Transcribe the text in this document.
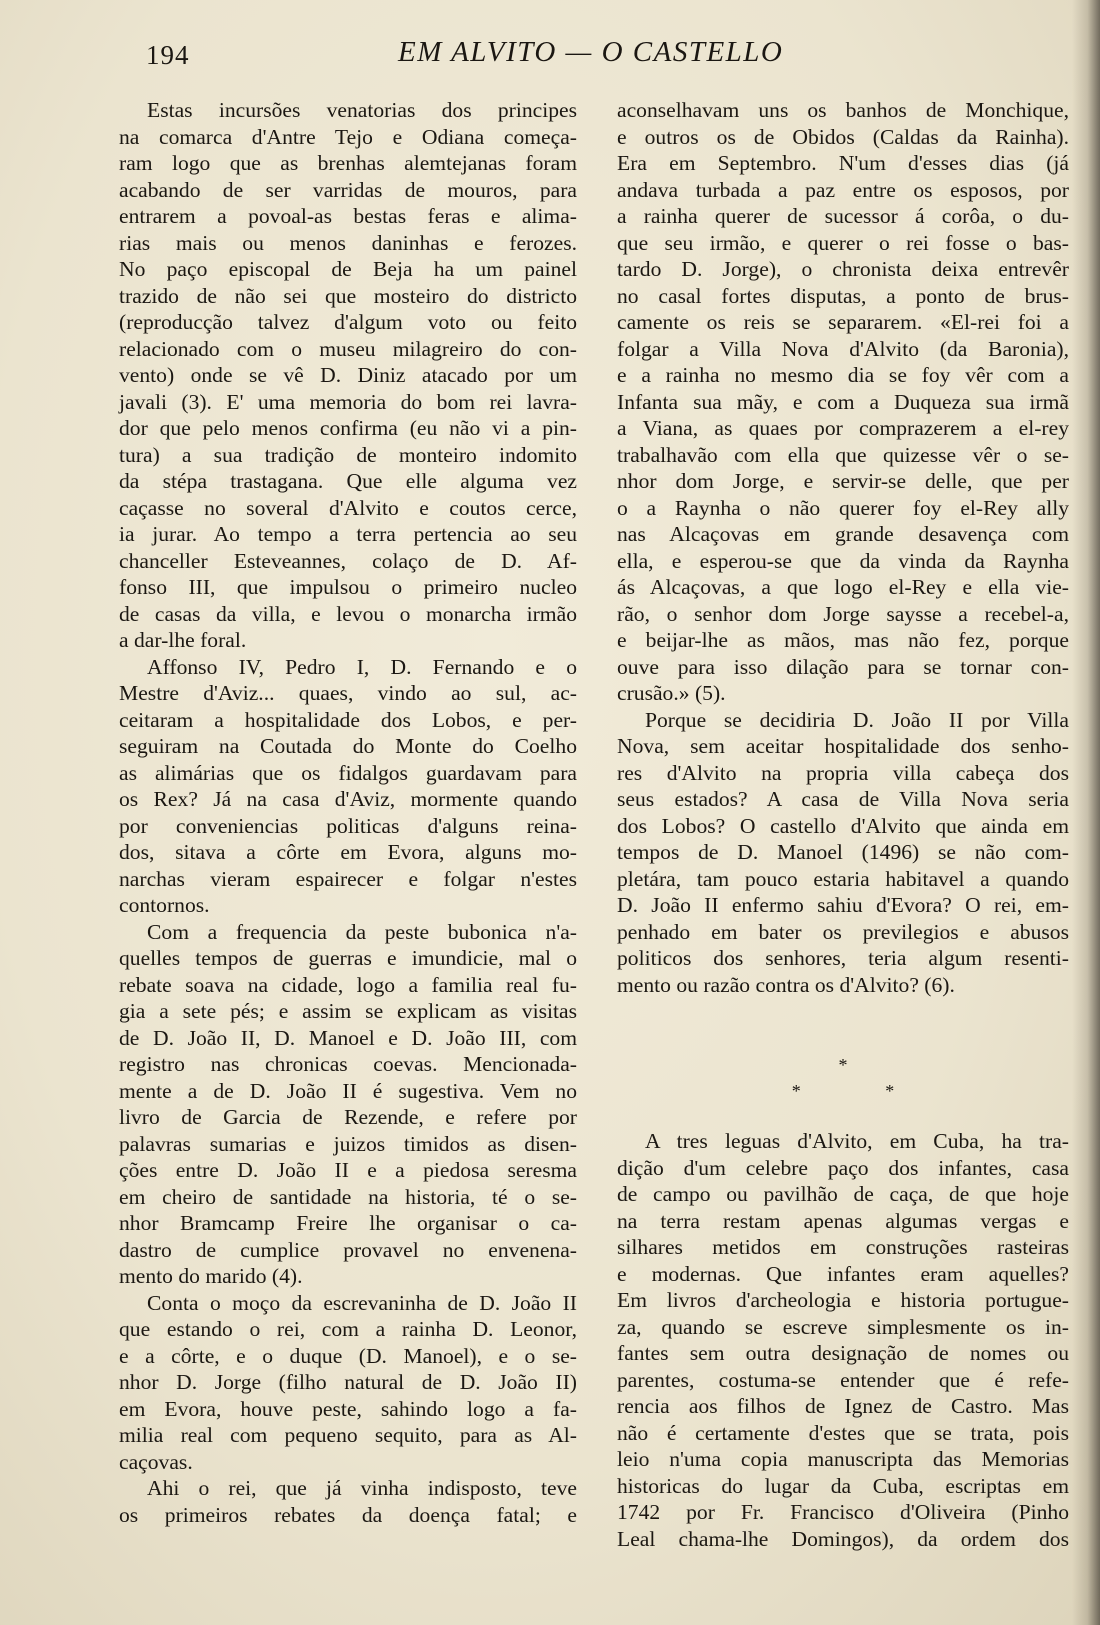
194	EM ALVITO — O CASTELLO
Estas incursões venatorias dos principes
na comarca d'Antre Tejo e Odiana começa-
ram logo que as brenhas alemtejanas foram
acabando de ser varridas de mouros, para
entrarem a povoal-as bestas feras e alima-
rias mais ou menos daninhas e ferozes.
No paço episcopal de Beja ha um painel
trazido de não sei que mosteiro do districto
(reproducção talvez d'algum voto ou feito
relacionado com o museu milagreiro do con-
vento) onde se vê D. Diniz atacado por um
javali (3). E' uma memoria do bom rei lavra-
dor que pelo menos confirma (eu não vi a pin-
tura) a sua tradição de monteiro indomito
da stépa trastagana. Que elle alguma vez
caçasse no soveral d'Alvito e coutos cerce,
ia jurar. Ao tempo a terra pertencia ao seu
chanceller Esteveannes, colaço de D. Af-
fonso III, que impulsou o primeiro nucleo
de casas da villa, e levou o monarcha irmão
a dar-lhe foral.
Affonso IV, Pedro I, D. Fernando e o
Mestre d'Aviz... quaes, vindo ao sul, ac-
ceitaram a hospitalidade dos Lobos, e per-
seguiram na Coutada do Monte do Coelho
as alimárias que os fidalgos guardavam para
os Rex? Já na casa d'Aviz, mormente quando
por conveniencias politicas d'alguns reina-
dos, sitava a côrte em Evora, alguns mo-
narchas vieram espairecer e folgar n'estes
contornos.
Com a frequencia da peste bubonica n'a-
quelles tempos de guerras e imundicie, mal o
rebate soava na cidade, logo a familia real fu-
gia a sete pés; e assim se explicam as visitas
de D. João II, D. Manoel e D. João III, com
registro nas chronicas coevas. Mencionada-
mente a de D. João II é sugestiva. Vem no
livro de Garcia de Rezende, e refere por
palavras sumarias e juizos timidos as disen-
ções entre D. João II e a piedosa seresma
em cheiro de santidade na historia, té o se-
nhor Bramcamp Freire lhe organisar o ca-
dastro de cumplice provavel no envenena-
mento do marido (4).
Conta o moço da escrevaninha de D. João II
que estando o rei, com a rainha D. Leonor,
e a côrte, e o duque (D. Manoel), e o se-
nhor D. Jorge (filho natural de D. João II)
em Evora, houve peste, sahindo logo a fa-
milia real com pequeno sequito, para as Al-
caçovas.
Ahi o rei, que já vinha indisposto, teve
os primeiros rebates da doença fatal; e
aconselhavam uns os banhos de Monchique,
e outros os de Obidos (Caldas da Rainha).
Era em Septembro. N'um d'esses dias (já
andava turbada a paz entre os esposos, por
a rainha querer de sucessor á corôa, o du-
que seu irmão, e querer o rei fosse o bas-
tardo D. Jorge), o chronista deixa entrevêr
no casal fortes disputas, a ponto de brus-
camente os reis se separarem. «El-rei foi a
folgar a Villa Nova d'Alvito (da Baronia),
e a rainha no mesmo dia se foy vêr com a
Infanta sua mãy, e com a Duqueza sua irmã
a Viana, as quaes por comprazerem a el-rey
trabalhavão com ella que quizesse vêr o se-
nhor dom Jorge, e servir-se delle, que per
o a Raynha o não querer foy el-Rey ally
nas Alcaçovas em grande desavença com
ella, e esperou-se que da vinda da Raynha
ás Alcaçovas, a que logo el-Rey e ella vie-
rão, o senhor dom Jorge saysse a recebel-a,
e beijar-lhe as mãos, mas não fez, porque
ouve para isso dilação para se tornar con-
crusão.» (5).
Porque se decidiria D. João II por Villa
Nova, sem aceitar hospitalidade dos senho-
res d'Alvito na propria villa cabeça dos
seus estados? A casa de Villa Nova seria
dos Lobos? O castello d'Alvito que ainda em
tempos de D. Manoel (1496) se não com-
pletára, tam pouco estaria habitavel a quando
D. João II enfermo sahiu d'Evora? O rei, em-
penhado em bater os previlegios e abusos
politicos dos senhores, teria algum resenti-
mento ou razão contra os d'Alvito? (6).
*
* *
A tres leguas d'Alvito, em Cuba, ha tra-
dição d'um celebre paço dos infantes, casa
de campo ou pavilhão de caça, de que hoje
na terra restam apenas algumas vergas e
silhares metidos em construções rasteiras
e modernas. Que infantes eram aquelles?
Em livros d'archeologia e historia portugue-
za, quando se escreve simplesmente os in-
fantes sem outra designação de nomes ou
parentes, costuma-se entender que é refe-
rencia aos filhos de Ignez de Castro. Mas
não é certamente d'estes que se trata, pois
leio n'uma copia manuscripta das Memorias
historicas do lugar da Cuba, escriptas em
1742 por Fr. Francisco d'Oliveira (Pinho
Leal chama-lhe Domingos), da ordem dos
